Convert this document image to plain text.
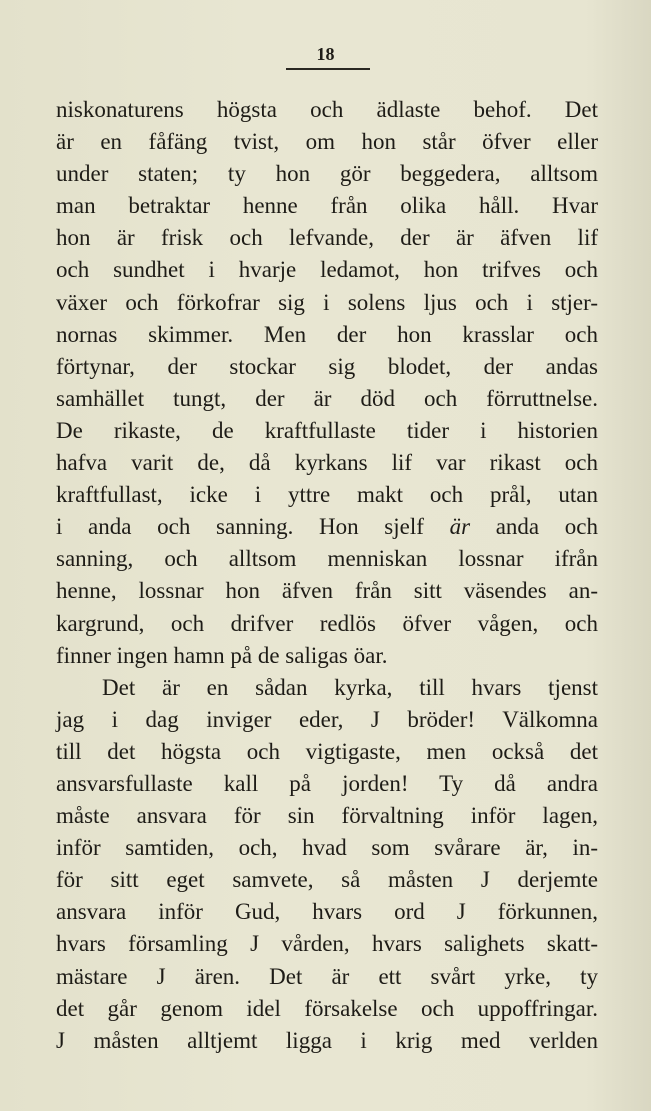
18
niskonaturens högsta och ädlaste behof. Det
är en fåfäng tvist, om hon står öfver eller
under staten; ty hon gör beggedera, alltsom
man betraktar henne från olika håll. Hvar
hon är frisk och lefvande, der är äfven lif
och sundhet i hvarje ledamot, hon trifves och
växer och förkofrar sig i solens ljus och i stjer-
nornas skimmer. Men der hon krasslar och
förtynar, der stockar sig blodet, der andas
samhället tungt, der är död och förruttnelse.
De rikaste, de kraftfullaste tider i historien
hafva varit de, då kyrkans lif var rikast och
kraftfullast, icke i yttre makt och prål, utan
i anda och sanning. Hon sjelf är anda och
sanning, och alltsom menniskan lossnar ifrån
henne, lossnar hon äfven från sitt väsendes an-
kargrund, och drifver redlös öfver vågen, och
finner ingen hamn på de saligas öar.
Det är en sådan kyrka, till hvars tjenst
jag i dag inviger eder, J bröder! Välkomna
till det högsta och vigtigaste, men också det
ansvarsfullaste kall på jorden! Ty då andra
måste ansvara för sin förvaltning inför lagen,
inför samtiden, och, hvad som svårare är, in-
för sitt eget samvete, så måsten J derjemte
ansvara inför Gud, hvars ord J förkunnen,
hvars församling J vården, hvars salighets skatt-
mästare J ären. Det är ett svårt yrke, ty
det går genom idel försakelse och uppoffringar.
J måsten alltjemt ligga i krig med verlden
